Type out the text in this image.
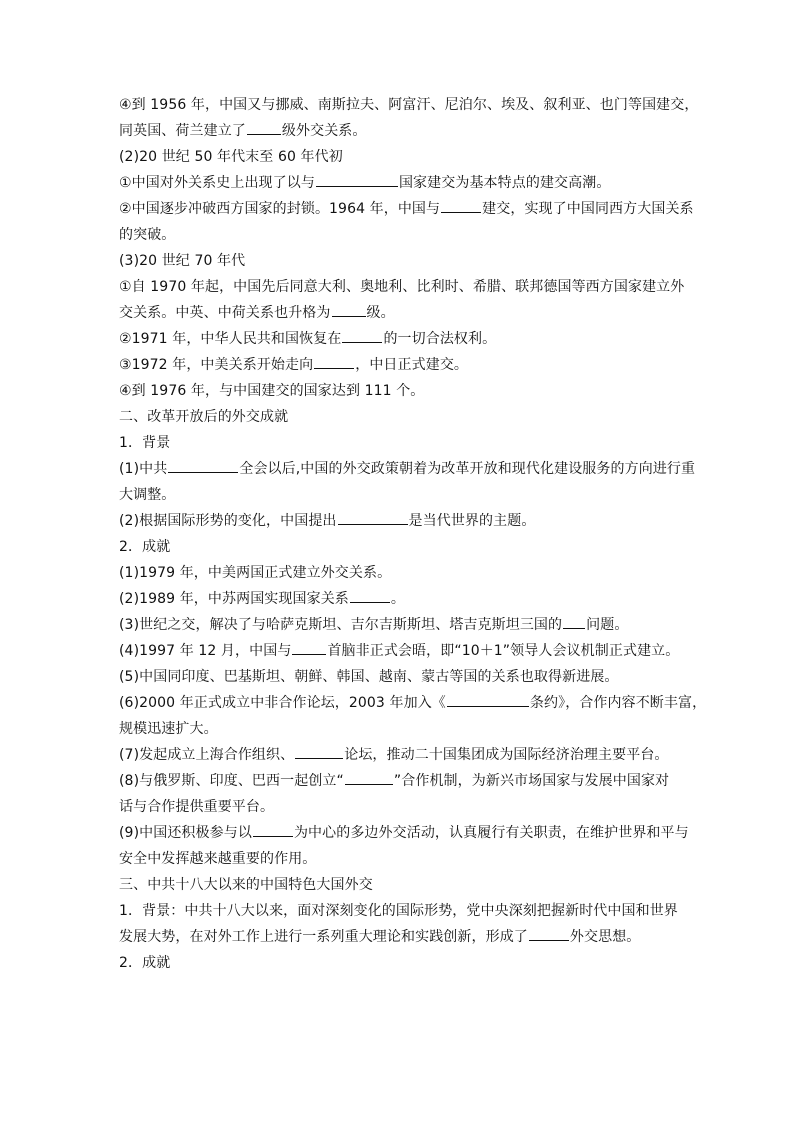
④到 1956 年，中国又与挪威、南斯拉夫、阿富汗、尼泊尔、埃及、叙利亚、也门等国建交，
同英国、荷兰建立了	级外交关系。
(2)20 世纪 50 年代末至 60 年代初
①中国对外关系史上出现了以与	国家建交为基本特点的建交高潮。
②中国逐步冲破西方国家的封锁。1964 年，中国与	建交，实现了中国同西方大国关系
的突破。
(3)20 世纪 70 年代
①自 1970 年起，中国先后同意大利、奥地利、比利时、希腊、联邦德国等西方国家建立外
交关系。中英、中荷关系也升格为	级。
②1971 年，中华人民共和国恢复在	的一切合法权利。
③1972 年，中美关系开始走向	，中日正式建交。
④到 1976 年，与中国建交的国家达到 111 个。
二、改革开放后的外交成就
1．背景
(1)中共	全会以后,中国的外交政策朝着为改革开放和现代化建设服务的方向进行重
大调整。
(2)根据国际形势的变化，中国提出	是当代世界的主题。
2．成就
(1)1979 年，中美两国正式建立外交关系。
(2)1989 年，中苏两国实现国家关系	。
(3)世纪之交，解决了与哈萨克斯坦、吉尔吉斯斯坦、塔吉克斯坦三国的 问题。
(4)1997 年 12 月，中国与	首脑非正式会晤，即“10＋1”领导人会议机制正式建立。
(5)中国同印度、巴基斯坦、朝鲜、韩国、越南、蒙古等国的关系也取得新进展。
(6)2000 年正式成立中非合作论坛，2003 年加入《	条约》，合作内容不断丰富，
规模迅速扩大。
(7)发起成立上海合作组织、	论坛，推动二十国集团成为国际经济治理主要平台。
(8)与俄罗斯、印度、巴西一起创立“	”合作机制，为新兴市场国家与发展中国家对
话与合作提供重要平台。
(9)中国还积极参与以	为中心的多边外交活动，认真履行有关职责，在维护世界和平与
安全中发挥越来越重要的作用。
三、中共十八大以来的中国特色大国外交
1．背景：中共十八大以来，面对深刻变化的国际形势，党中央深刻把握新时代中国和世界
发展大势，在对外工作上进行一系列重大理论和实践创新，形成了	外交思想。
2．成就
